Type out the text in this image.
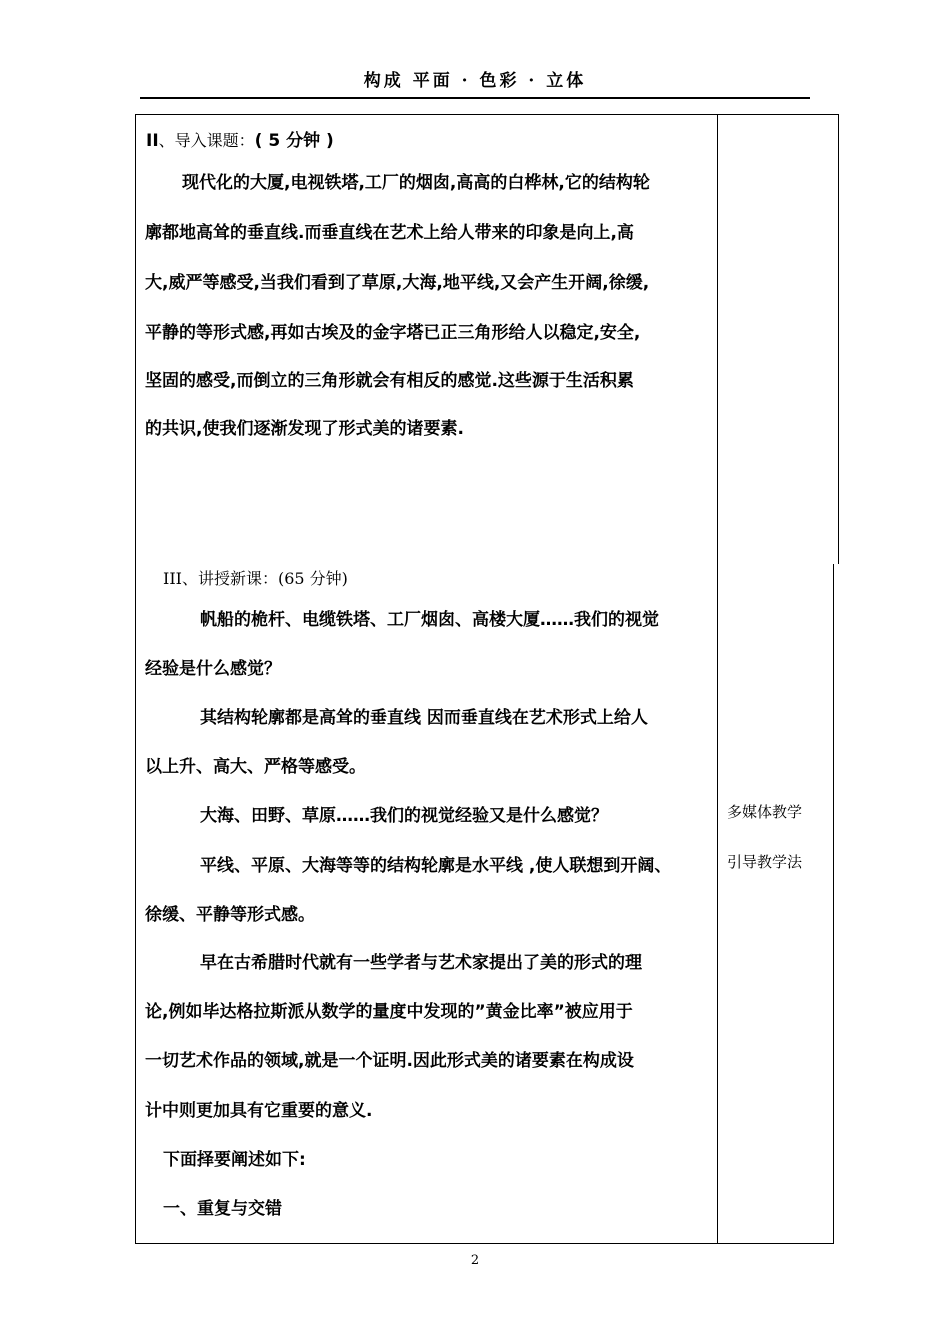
构成 平面 · 色彩 · 立体
II、导入课题：( 5 分钟 )
现代化的大厦,电视铁塔,工厂的烟囱,高高的白桦林,它的结构轮
廓都地高耸的垂直线.而垂直线在艺术上给人带来的印象是向上,高
大,威严等感受,当我们看到了草原,大海,地平线,又会产生开阔,徐缓,
平静的等形式感,再如古埃及的金字塔已正三角形给人以稳定,安全,
坚固的感受,而倒立的三角形就会有相反的感觉.这些源于生活积累
的共识,使我们逐渐发现了形式美的诸要素.
III、讲授新课：(65 分钟)
帆船的桅杆、电缆铁塔、工厂烟囱、高楼大厦……我们的视觉
经验是什么感觉？
其结构轮廓都是高耸的垂直线 因而垂直线在艺术形式上给人
以上升、高大、严格等感受。
大海、田野、草原……我们的视觉经验又是什么感觉？
平线、平原、大海等等的结构轮廓是水平线 ,使人联想到开阔、
徐缓、平静等形式感。
早在古希腊时代就有一些学者与艺术家提出了美的形式的理
论,例如毕达格拉斯派从数学的量度中发现的”黄金比率”被应用于
一切艺术作品的领域,就是一个证明.因此形式美的诸要素在构成设
计中则更加具有它重要的意义.
下面择要阐述如下:
一、重复与交错
多媒体教学
引导教学法
2
